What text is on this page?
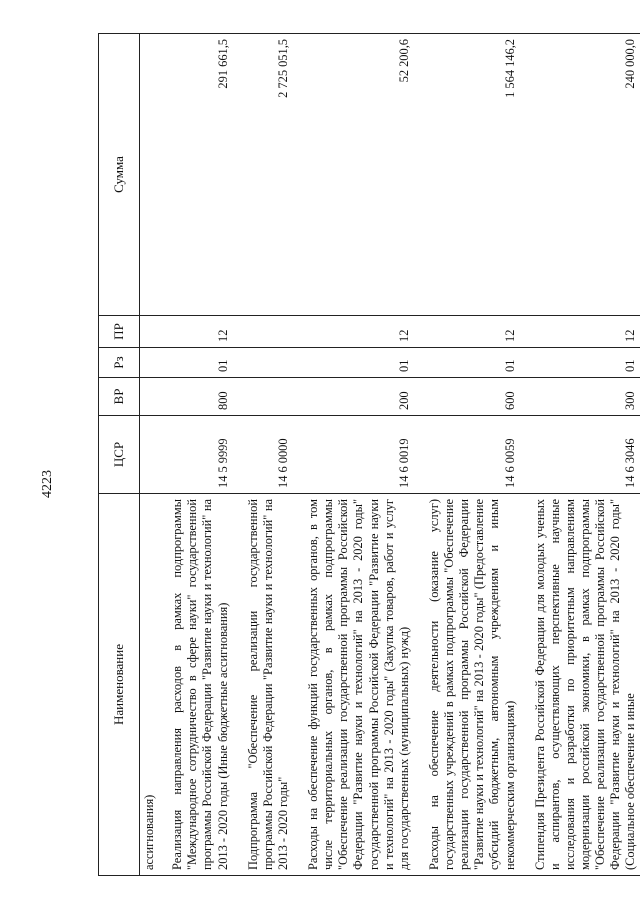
4223
Наименование	ЦСР	ВР	Рз	ПР	Сумма
ассигнования)					
Реализация направления расходов в рамках подпрограммы "Международное сотрудничество в сфере науки" государственной программы Российской Федерации "Развитие науки и технологий" на 2013 - 2020 годы (Иные бюджетные ассигнования)	14 5 9999	800	01	12	291 661,5
Подпрограмма "Обеспечение реализации государственной программы Российской Федерации "Развитие науки и технологий" на 2013 - 2020 годы"	14 6 0000				2 725 051,5
Расходы на обеспечение функций государственных органов, в том числе территориальных органов, в рамках подпрограммы "Обеспечение реализации государственной программы Российской Федерации "Развитие науки и технологий" на 2013 - 2020 годы" государственной программы Российской Федерации "Развитие науки и технологий" на 2013 - 2020 годы" (Закупка товаров, работ и услуг для государственных (муниципальных) нужд)	14 6 0019	200	01	12	52 200,6
Расходы на обеспечение деятельности (оказание услуг) государственных учреждений в рамках подпрограммы "Обеспечение реализации государственной программы Российской Федерации "Развитие науки и технологий" на 2013 - 2020 годы" (Предоставление субсидий бюджетным, автономным учреждениям и иным некоммерческим организациям)	14 6 0059	600	01	12	1 564 146,2
Стипендия Президента Российской Федерации для молодых ученых и аспирантов, осуществляющих перспективные научные исследования и разработки по приоритетным направлениям модернизации российской экономики, в рамках подпрограммы "Обеспечение реализации государственной программы Российской Федерации "Развитие науки и технологий" на 2013 - 2020 годы" (Социальное обеспечение и иные	14 6 3046	300	01	12	240 000,0
